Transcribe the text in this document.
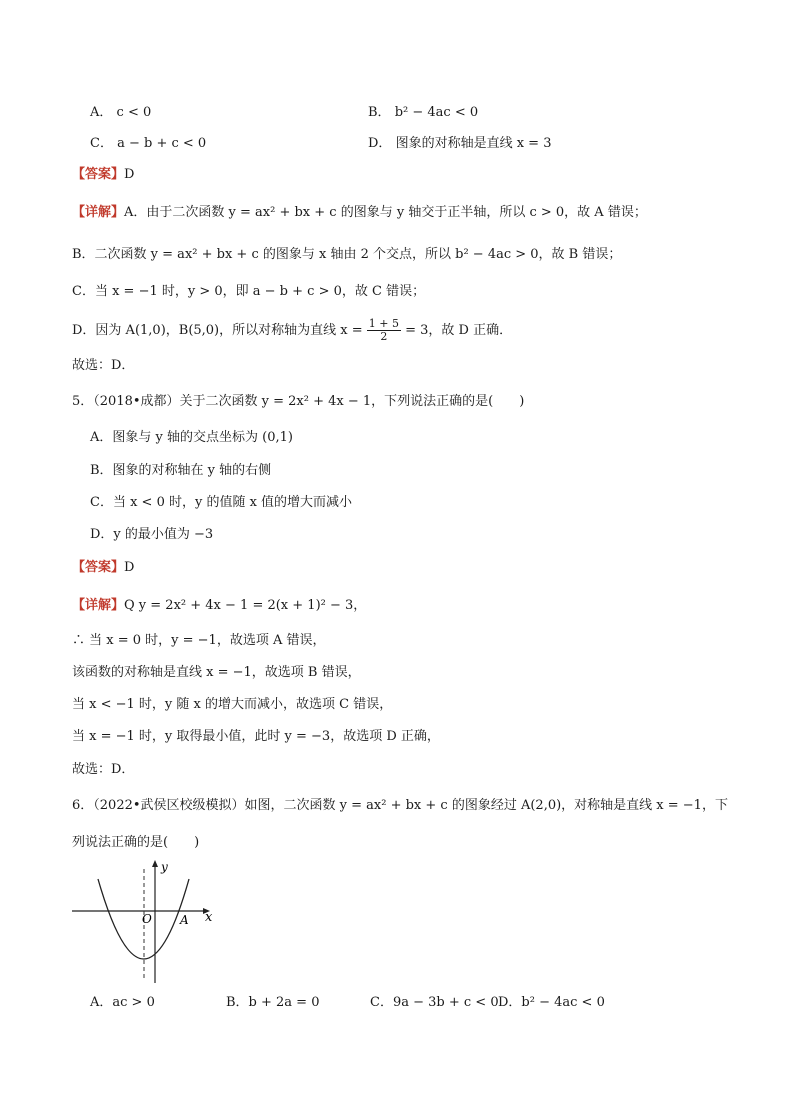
A． c < 0	B． b² − 4ac < 0
C． a − b + c < 0	D． 图象的对称轴是直线 x = 3
【答案】D
【详解】A．由于二次函数 y = ax² + bx + c 的图象与 y 轴交于正半轴，所以 c > 0，故 A 错误；
B．二次函数 y = ax² + bx + c 的图象与 x 轴由 2 个交点，所以 b² − 4ac > 0，故 B 错误；
C．当 x = −1 时，y > 0，即 a − b + c > 0，故 C 错误；
D．因为 A(1,0)，B(5,0)，所以对称轴为直线 $x = \frac{1 + 5}{2} = 3$，故 D 正确．
故选：D．
5．（2018•成都）关于二次函数 y = 2x² + 4x − 1，下列说法正确的是(　　)
A．图象与 y 轴的交点坐标为 (0,1)
B．图象的对称轴在 y 轴的右侧
C．当 x < 0 时，y 的值随 x 值的增大而减小
D．y 的最小值为 −3
【答案】D
【详解】Q y = 2x² + 4x − 1 = 2(x + 1)² − 3，
∴ 当 x = 0 时，y = −1，故选项 A 错误，
该函数的对称轴是直线 x = −1，故选项 B 错误，
当 x < −1 时，y 随 x 的增大而减小，故选项 C 错误，
当 x = −1 时，y 取得最小值，此时 y = −3，故选项 D 正确，
故选：D．
6．（2022•武侯区校级模拟）如图，二次函数 y = ax² + bx + c 的图象经过 A(2,0)，对称轴是直线 x = −1，下
列说法正确的是(　　)
y
x
O A
A．ac > 0	B．b + 2a = 0	C．9a − 3b + c < 0 D．b² − 4ac < 0
